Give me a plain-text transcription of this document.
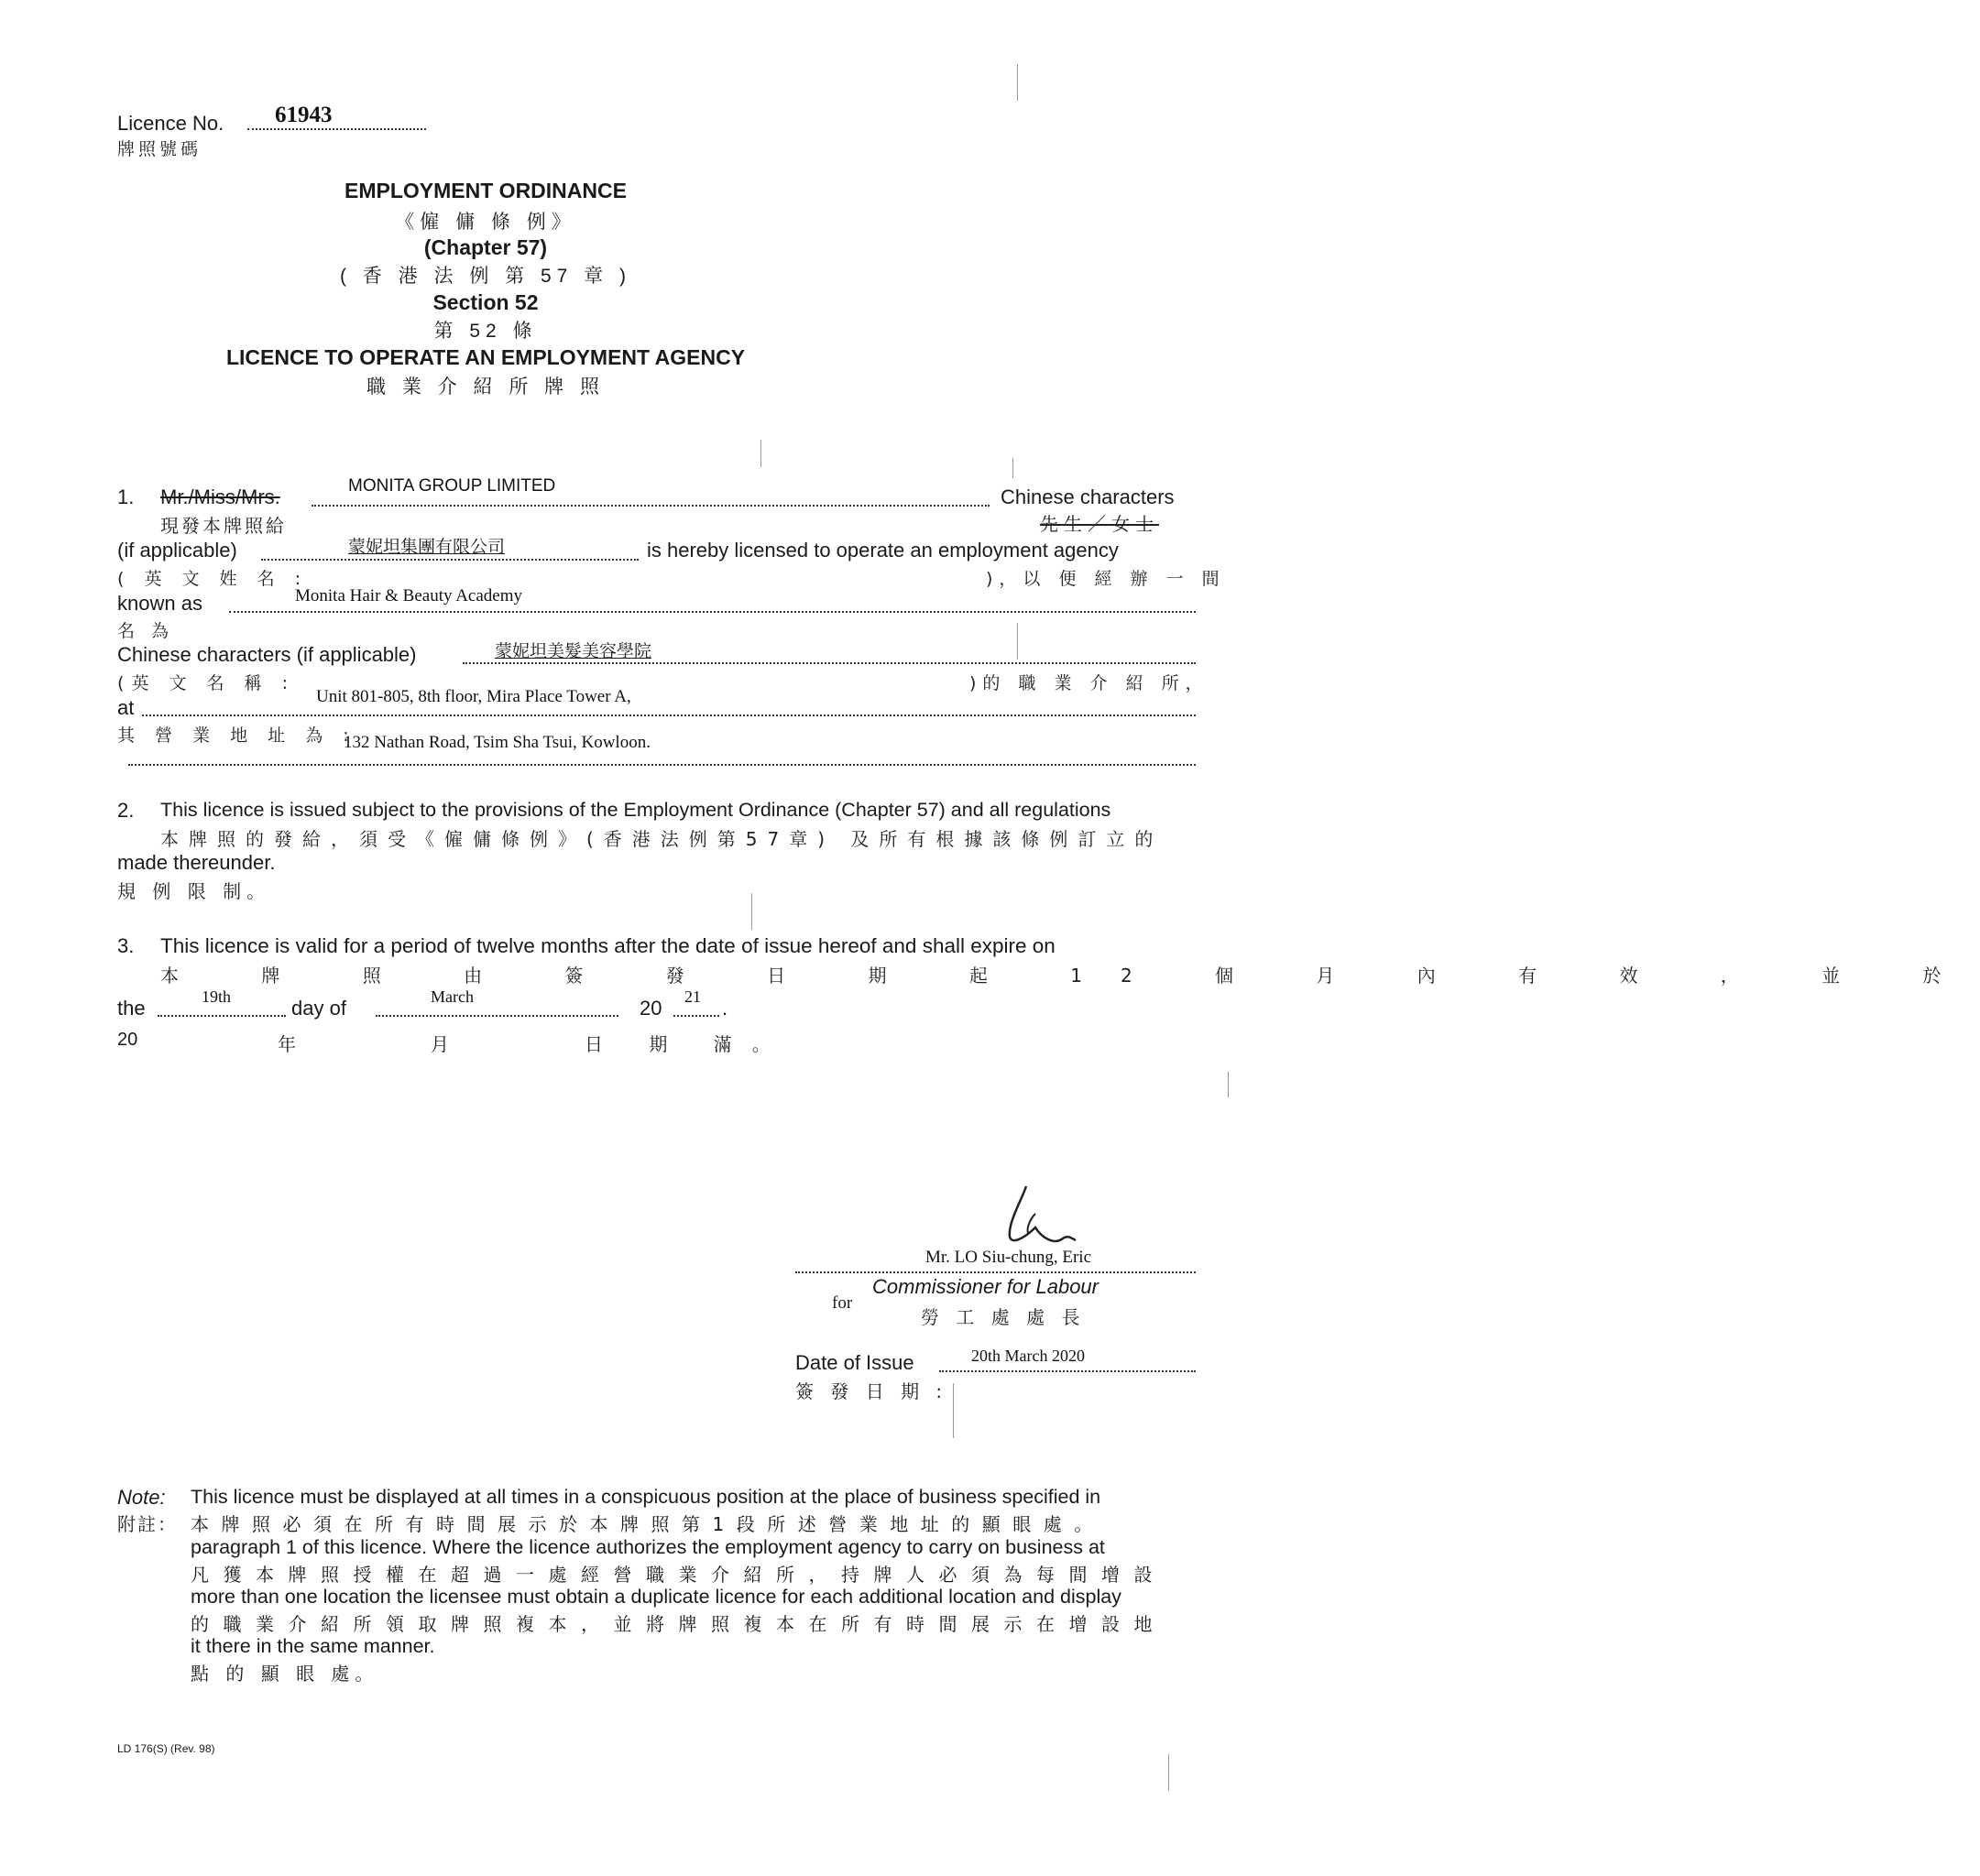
Licence No. 61943
牌照號碼
EMPLOYMENT ORDINANCE
《僱 傭 條 例》
(Chapter 57)
( 香 港 法 例 第 57 章 )
Section 52
第 52 條
LICENCE TO OPERATE AN EMPLOYMENT AGENCY
職 業 介 紹 所 牌 照
1. Mr./Miss/Mrs.	MONITA GROUP LIMITED	Chinese characters
現發本牌照給	先生／女士
(if applicable)	蒙妮坦集團有限公司	is hereby licensed to operate an employment agency
( 英 文 姓 名 :	)，以 便 經 辦 一 間
known as	Monita Hair & Beauty Academy
名 為
Chinese characters (if applicable)	蒙妮坦美髮美容學院
(英 文 名 稱 :	)的 職 業 介 紹 所，
at	Unit 801-805, 8th floor, Mira Place Tower A,
其 營 業 地 址 為 :
132 Nathan Road, Tsim Sha Tsui, Kowloon.
2. This licence is issued subject to the provisions of the Employment Ordinance (Chapter 57) and all regulations
本牌照的發給，須受《僱傭條例》(香港法例第57章) 及所有根據該條例訂立的
made thereunder.
規 例 限 制。
3. This licence is valid for a period of twelve months after the date of issue hereof and shall expire on
本 牌 照 由 簽 發 日 期 起 12 個 月 內 有 效 ， 並 於
the	19th	day of	March	20 21 .
20	年	月	日 期 滿。
Mr. LO Siu-chung, Eric
for
Commissioner for Labour
勞 工 處 處 長
Date of Issue	20th March 2020
簽 發 日 期 :
Note:
附註：
This licence must be displayed at all times in a conspicuous position at the place of business specified in
本牌照必須在所有時間展示於本牌照第1段所述營業地址的顯眼處。
paragraph 1 of this licence. Where the licence authorizes the employment agency to carry on business at
凡獲本牌照授權在超過一處經營職業介紹所，持牌人必須為每間增設
more than one location the licensee must obtain a duplicate licence for each additional location and display
的職業介紹所領取牌照複本，並將牌照複本在所有時間展示在增設地
it there in the same manner.
點 的 顯 眼 處。
LD 176(S) (Rev. 98)
